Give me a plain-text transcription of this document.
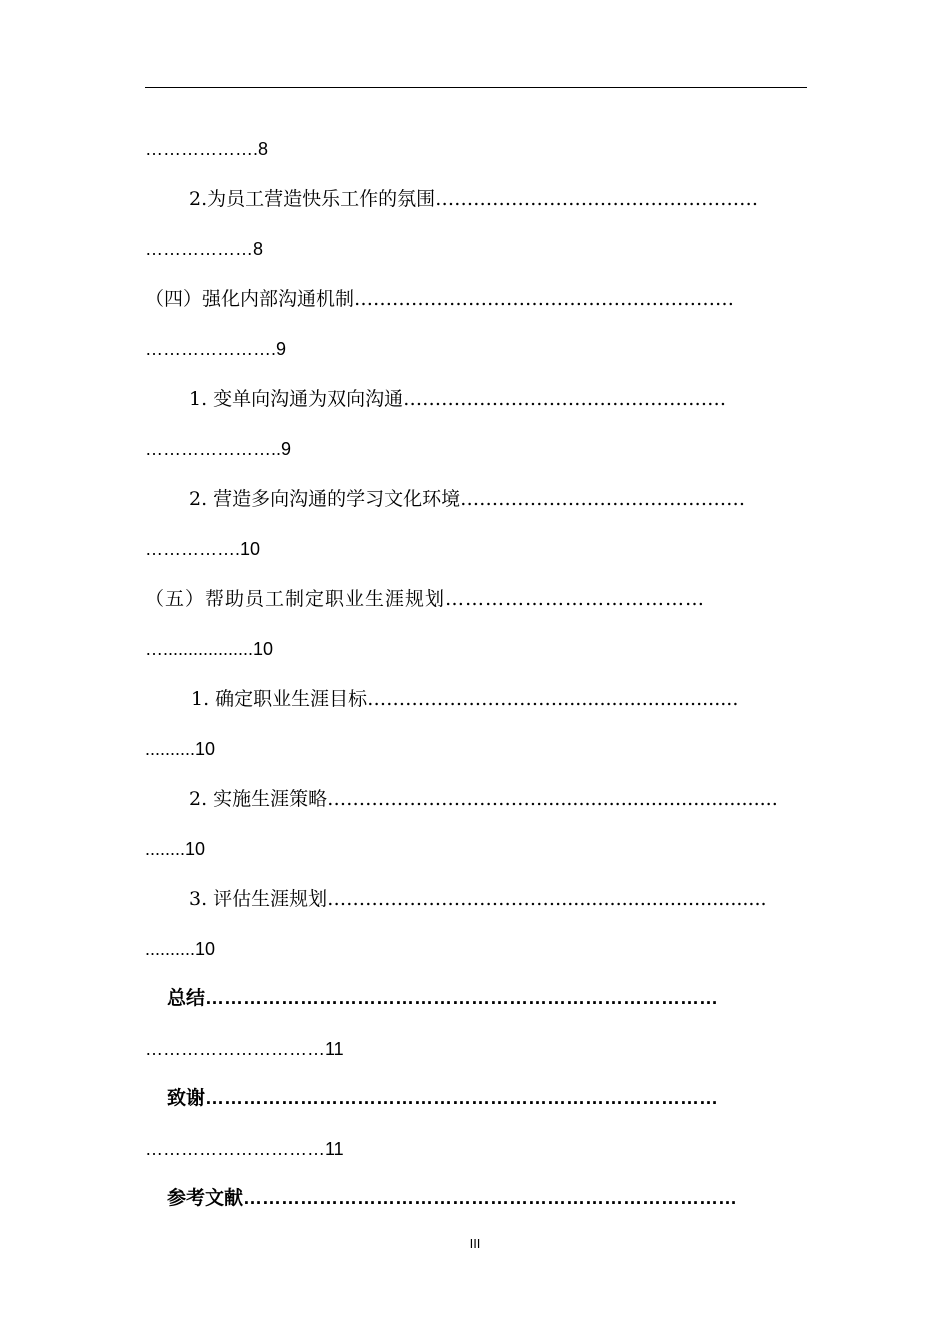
……………….8
2.为员工营造快乐工作的氛围……………………………………………
………………8
（四）强化内部沟通机制……………………………………………………
………………….9
1. 变单向沟通为双向沟通……………………………………………
…………………..9
2. 营造多向沟通的学习文化环境………………………………………
…………….10
（五）帮助员工制定职业生涯规划…………………………………
…..................10
1. 确定职业生涯目标…………………………..............................
..........10
2. 实施生涯策略……………………………........................................
........10
3. 评估生涯规划………………………………...................................
..........10
总结………………………………………………………………………
…………………………11
致谢………………………………………………………………………
…………………………11
参考文献……………………………………………………………………
III
